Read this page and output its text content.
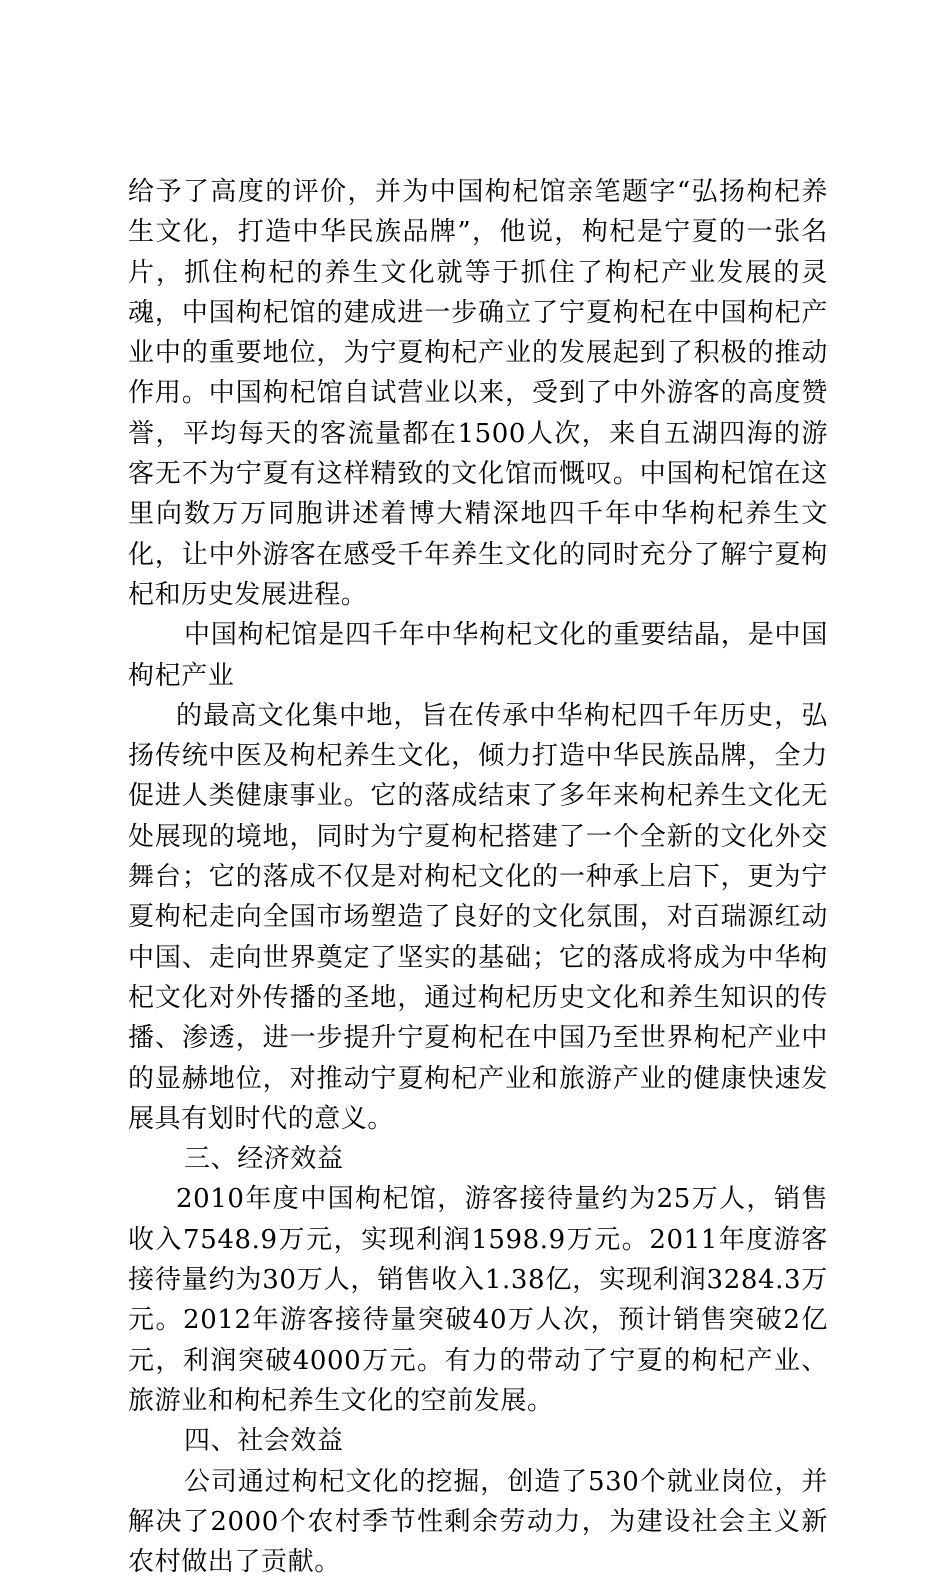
给予了高度的评价，并为中国枸杞馆亲笔题字“弘扬枸杞养生文化，打造中华民族品牌”，他说，枸杞是宁夏的一张名片，抓住枸杞的养生文化就等于抓住了枸杞产业发展的灵魂，中国枸杞馆的建成进一步确立了宁夏枸杞在中国枸杞产业中的重要地位，为宁夏枸杞产业的发展起到了积极的推动作用。中国枸杞馆自试营业以来，受到了中外游客的高度赞誉，平均每天的客流量都在1500人次，来自五湖四海的游客无不为宁夏有这样精致的文化馆而慨叹。中国枸杞馆在这里向数万万同胞讲述着博大精深地四千年中华枸杞养生文化，让中外游客在感受千年养生文化的同时充分了解宁夏枸杞和历史发展进程。

中国枸杞馆是四千年中华枸杞文化的重要结晶，是中国枸杞产业

的最高文化集中地，旨在传承中华枸杞四千年历史，弘扬传统中医及枸杞养生文化，倾力打造中华民族品牌，全力促进人类健康事业。它的落成结束了多年来枸杞养生文化无处展现的境地，同时为宁夏枸杞搭建了一个全新的文化外交舞台；它的落成不仅是对枸杞文化的一种承上启下，更为宁夏枸杞走向全国市场塑造了良好的文化氛围，对百瑞源红动中国、走向世界奠定了坚实的基础；它的落成将成为中华枸杞文化对外传播的圣地，通过枸杞历史文化和养生知识的传播、渗透，进一步提升宁夏枸杞在中国乃至世界枸杞产业中的显赫地位，对推动宁夏枸杞产业和旅游产业的健康快速发展具有划时代的意义。

三、经济效益

2010年度中国枸杞馆，游客接待量约为25万人，销售收入7548.9万元，实现利润1598.9万元。2011年度游客接待量约为30万人，销售收入1.38亿，实现利润3284.3万元。2012年游客接待量突破40万人次，预计销售突破2亿元，利润突破4000万元。有力的带动了宁夏的枸杞产业、旅游业和枸杞养生文化的空前发展。

四、社会效益

公司通过枸杞文化的挖掘，创造了530个就业岗位，并解决了2000个农村季节性剩余劳动力，为建设社会主义新农村做出了贡献。
